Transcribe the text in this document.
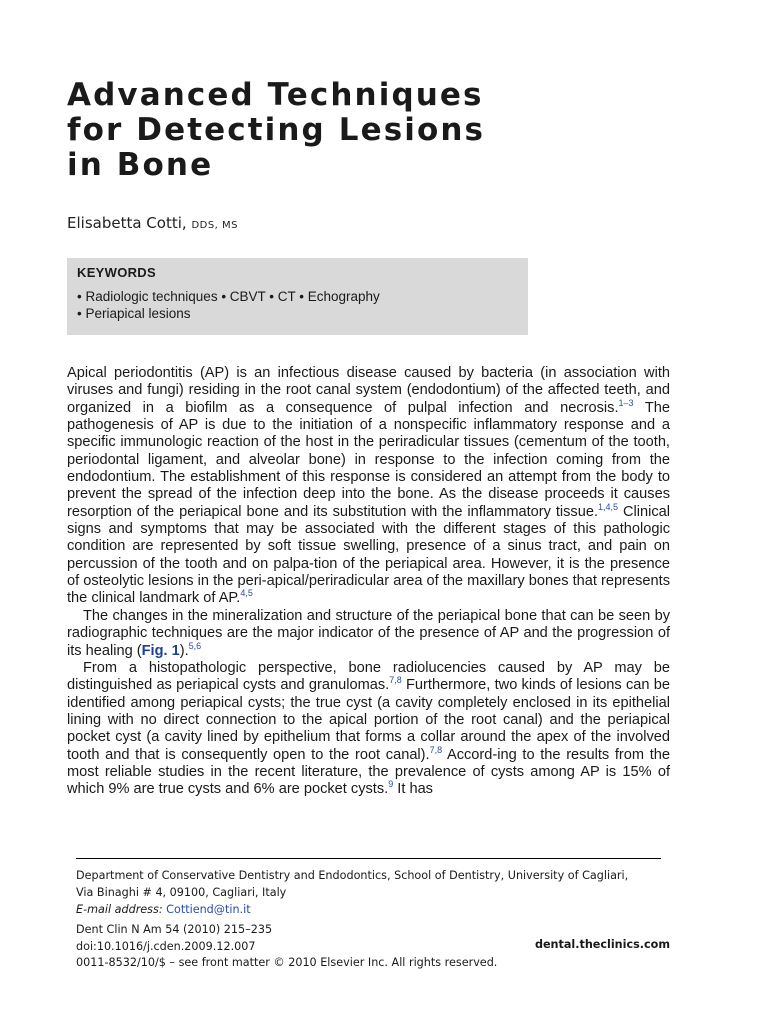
Advanced Techniques
for Detecting Lesions
in Bone
Elisabetta Cotti, DDS, MS
KEYWORDS
• Radiologic techniques • CBVT • CT • Echography
• Periapical lesions

Apical periodontitis (AP) is an infectious disease caused by bacteria (in association with viruses and fungi) residing in the root canal system (endodontium) of the affected teeth, and organized in a biofilm as a consequence of pulpal infection and necrosis.$^{1-3}$ The pathogenesis of AP is due to the initiation of a nonspecific inflammatory response and a specific immunologic reaction of the host in the periradicular tissues (cementum of the tooth, periodontal ligament, and alveolar bone) in response to the infection coming from the endodontium. The establishment of this response is considered an attempt from the body to prevent the spread of the infection deep into the bone. As the disease proceeds it causes resorption of the periapical bone and its substitution with the inflammatory tissue.$^{1,4,5}$ Clinical signs and symptoms that may be associated with the different stages of this pathologic condition are represented by soft tissue swelling, presence of a sinus tract, and pain on percussion of the tooth and on palpa-tion of the periapical area. However, it is the presence of osteolytic lesions in the peri-apical/periradicular area of the maxillary bones that represents the clinical landmark of AP.$^{4,5}$

The changes in the mineralization and structure of the periapical bone that can be seen by radiographic techniques are the major indicator of the presence of AP and the progression of its healing (Fig. 1).$^{5,6}$

From a histopathologic perspective, bone radiolucencies caused by AP may be distinguished as periapical cysts and granulomas.$^{7,8}$ Furthermore, two kinds of lesions can be identified among periapical cysts; the true cyst (a cavity completely enclosed in its epithelial lining with no direct connection to the apical portion of the root canal) and the periapical pocket cyst (a cavity lined by epithelium that forms a collar around the apex of the involved tooth and that is consequently open to the root canal).$^{7,8}$ Accord-ing to the results from the most reliable studies in the recent literature, the prevalence of cysts among AP is 15% of which 9% are true cysts and 6% are pocket cysts.$^9$ It has

Department of Conservative Dentistry and Endodontics, School of Dentistry, University of Cagliari,
Via Binaghi # 4, 09100, Cagliari, Italy
E-mail address: Cottiend@tin.it
Dent Clin N Am 54 (2010) 215–235
doi:10.1016/j.cden.2009.12.007
0011-8532/10/$ – see front matter © 2010 Elsevier Inc. All rights reserved.
dental.theclinics.com
